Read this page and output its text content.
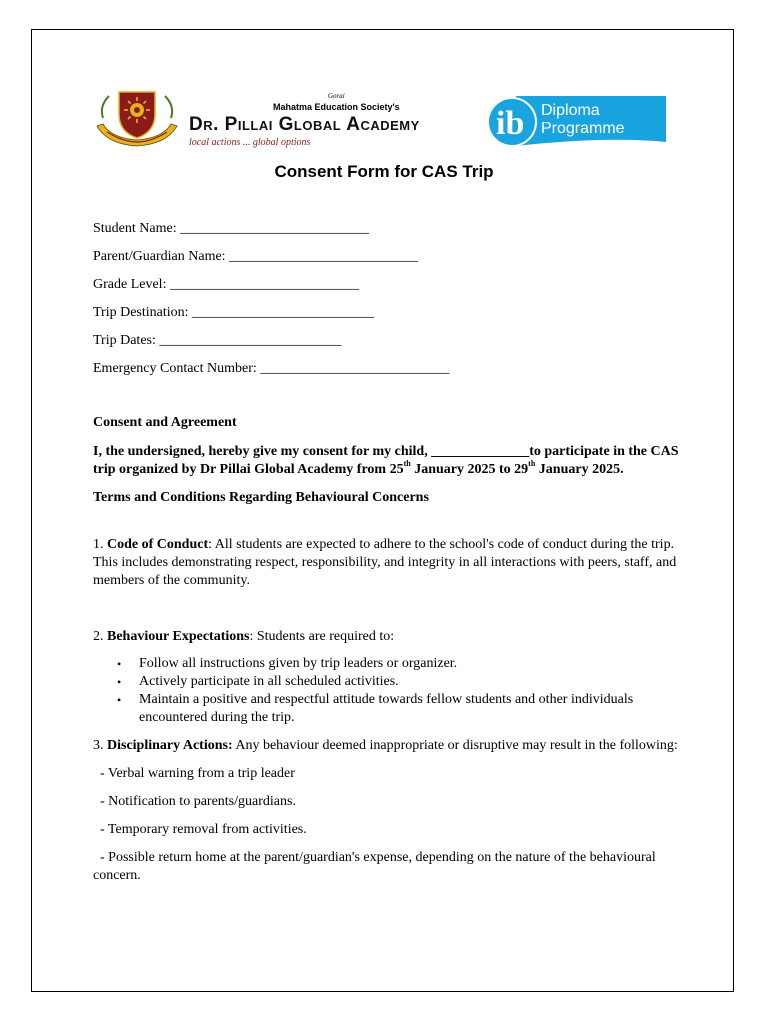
Gorai
Mahatma Education Society's
Dr. Pillai Global Academy
local actions ... global options
ib Diploma
Programme
Consent Form for CAS Trip
Student Name: ___________________________
Parent/Guardian Name: ___________________________
Grade Level: ___________________________
Trip Destination: __________________________
Trip Dates: __________________________
Emergency Contact Number: ___________________________

Consent and Agreement

I, the undersigned, hereby give my consent for my child, ______________to participate in the CAS trip organized by Dr Pillai Global Academy from 25th January 2025 to 29th January 2025.

Terms and Conditions Regarding Behavioural Concerns

1. Code of Conduct: All students are expected to adhere to the school's code of conduct during the trip. This includes demonstrating respect, responsibility, and integrity in all interactions with peers, staff, and members of the community.

2. Behaviour Expectations: Students are required to:

• Follow all instructions given by trip leaders or organizer.
• Actively participate in all scheduled activities.
• Maintain a positive and respectful attitude towards fellow students and other individuals encountered during the trip.

3. Disciplinary Actions: Any behaviour deemed inappropriate or disruptive may result in the following:

- Verbal warning from a trip leader

- Notification to parents/guardians.

- Temporary removal from activities.

- Possible return home at the parent/guardian's expense, depending on the nature of the behavioural concern.
